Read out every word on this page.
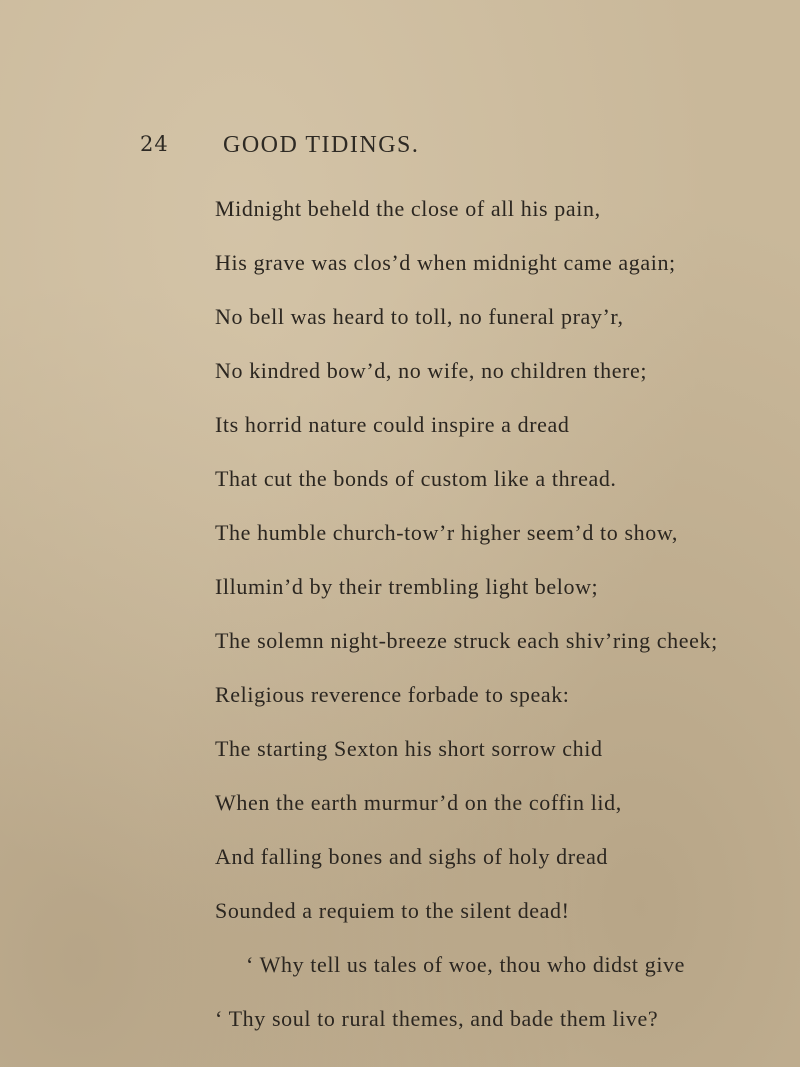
24 GOOD TIDINGS.
Midnight beheld the close of all his pain,
His grave was clos’d when midnight came again;
No bell was heard to toll, no funeral pray’r,
No kindred bow’d, no wife, no children there;
Its horrid nature could inspire a dread
That cut the bonds of custom like a thread.
The humble church-tow’r higher seem’d to show,
Illumin’d by their trembling light below;
The solemn night-breeze struck each shiv’ring cheek;
Religious reverence forbade to speak:
The starting Sexton his short sorrow chid
When the earth murmur’d on the coffin lid,
And falling bones and sighs of holy dread
Sounded a requiem to the silent dead!
‘ Why tell us tales of woe, thou who didst give
‘ Thy soul to rural themes, and bade them live?
